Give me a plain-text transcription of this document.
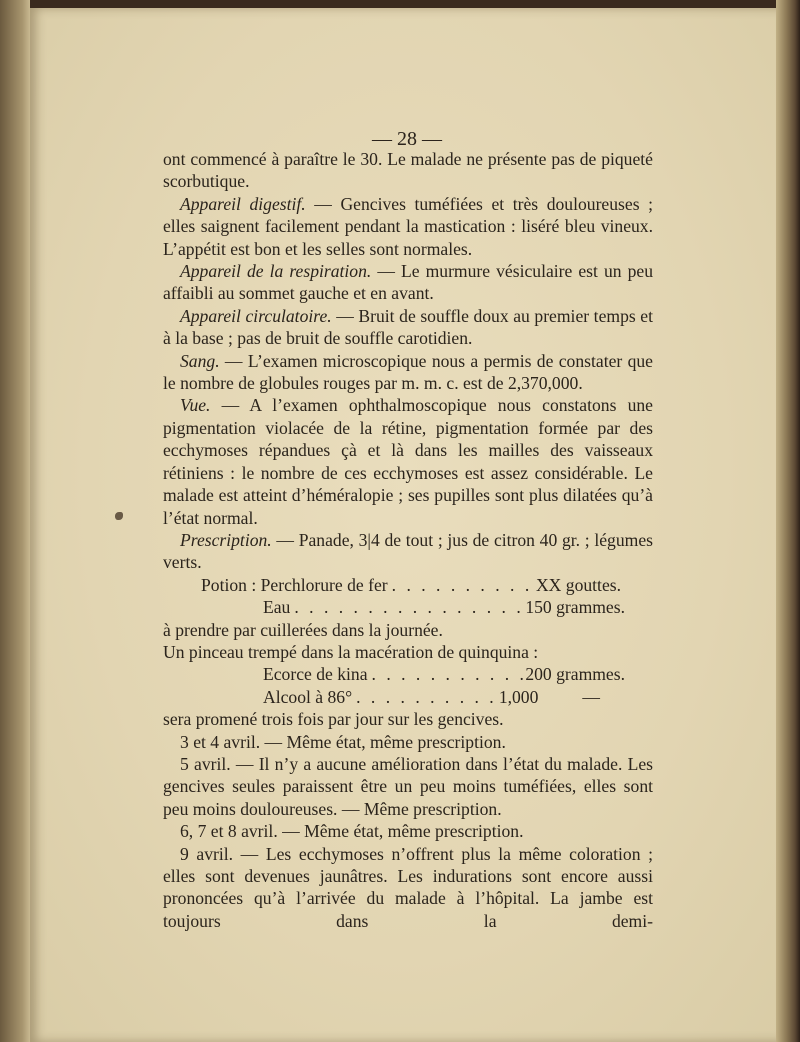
— 28 —

ont commencé à paraître le 30. Le malade ne présente pas de piqueté scorbutique.

Appareil digestif. — Gencives tuméfiées et très douloureuses ; elles saignent facilement pendant la mastication : liséré bleu vineux. L’appétit est bon et les selles sont normales.

Appareil de la respiration. — Le murmure vésiculaire est un peu affaibli au sommet gauche et en avant.

Appareil circulatoire. — Bruit de souffle doux au premier temps et à la base ; pas de bruit de souffle carotidien.

Sang. — L’examen microscopique nous a permis de constater que le nombre de globules rouges par m. m. c. est de 2,370,000.

Vue. — A l’examen ophthalmoscopique nous constatons une pigmentation violacée de la rétine, pigmentation formée par des ecchymoses répandues çà et là dans les mailles des vaisseaux rétiniens : le nombre de ces ecchymoses est assez considérable. Le malade est atteint d’héméralopie ; ses pupilles sont plus dilatées qu’à l’état normal.

Prescription. — Panade, 3|4 de tout ; jus de citron 40 gr. ; légumes verts.

Potion : Perchlorure de fer . . .	XX gouttes.
Eau . . .	150 grammes.

à prendre par cuillerées dans la journée.

Un pinceau trempé dans la macération de quinquina :

Ecorce de kina . . .	200 grammes.
Alcool à 86° . . .	1,000	—

sera promené trois fois par jour sur les gencives.

3 et 4 avril. — Même état, même prescription.

5 avril. — Il n’y a aucune amélioration dans l’état du malade. Les gencives seules paraissent être un peu moins tuméfiées, elles sont peu moins douloureuses. — Même prescription.

6, 7 et 8 avril. — Même état, même prescription.

9 avril. — Les ecchymoses n’offrent plus la même coloration ; elles sont devenues jaunâtres. Les indurations sont encore aussi prononcées qu’à l’arrivée du malade à l’hôpital. La jambe est toujours dans la demi-
